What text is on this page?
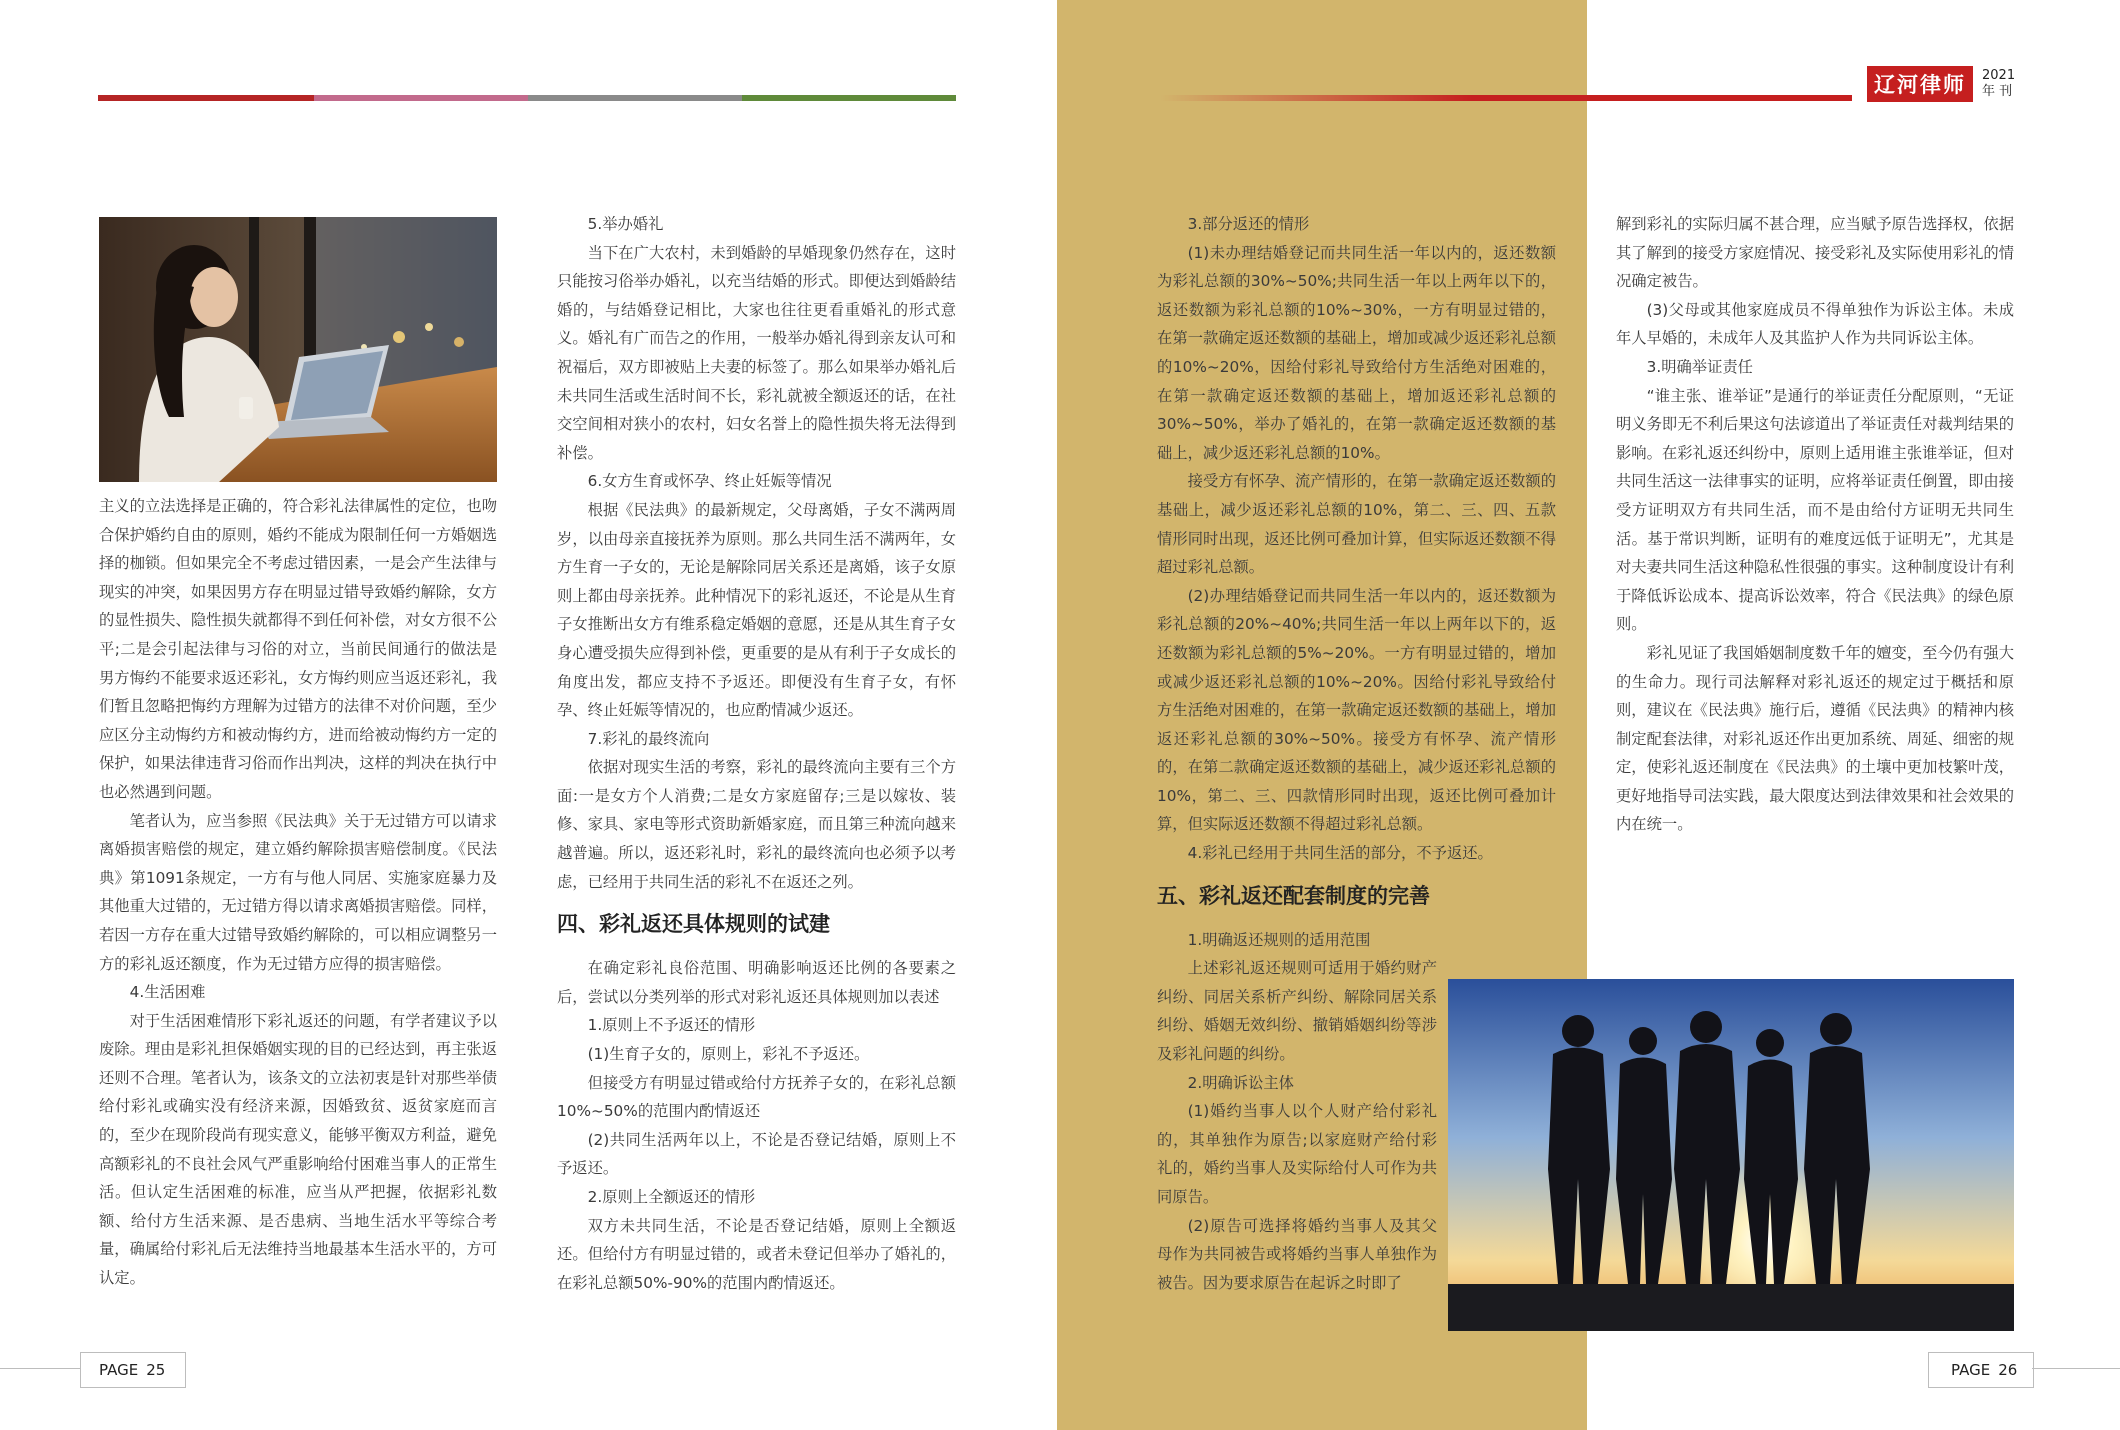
辽河律师	2021
年 刊

主义的立法选择是正确的，符合彩礼法律属性的定位，也吻合保护婚约自由的原则，婚约不能成为限制任何一方婚姻选择的枷锁。但如果完全不考虑过错因素，一是会产生法律与现实的冲突，如果因男方存在明显过错导致婚约解除，女方的显性损失、隐性损失就都得不到任何补偿，对女方很不公平;二是会引起法律与习俗的对立，当前民间通行的做法是男方悔约不能要求返还彩礼，女方悔约则应当返还彩礼，我们暂且忽略把悔约方理解为过错方的法律不对价问题，至少应区分主动悔约方和被动悔约方，进而给被动悔约方一定的保护，如果法律违背习俗而作出判决，这样的判决在执行中也必然遇到问题。

笔者认为，应当参照《民法典》关于无过错方可以请求离婚损害赔偿的规定，建立婚约解除损害赔偿制度。《民法典》第1091条规定，一方有与他人同居、实施家庭暴力及其他重大过错的，无过错方得以请求离婚损害赔偿。同样，若因一方存在重大过错导致婚约解除的，可以相应调整另一方的彩礼返还额度，作为无过错方应得的损害赔偿。

4.生活困难

对于生活困难情形下彩礼返还的问题，有学者建议予以废除。理由是彩礼担保婚姻实现的目的已经达到，再主张返还则不合理。笔者认为，该条文的立法初衷是针对那些举债给付彩礼或确实没有经济来源，因婚致贫、返贫家庭而言的，至少在现阶段尚有现实意义，能够平衡双方利益，避免高额彩礼的不良社会风气严重影响给付困难当事人的正常生活。但认定生活困难的标准，应当从严把握，依据彩礼数额、给付方生活来源、是否患病、当地生活水平等综合考量，确属给付彩礼后无法维持当地最基本生活水平的，方可认定。

5.举办婚礼

当下在广大农村，未到婚龄的早婚现象仍然存在，这时只能按习俗举办婚礼，以充当结婚的形式。即便达到婚龄结婚的，与结婚登记相比，大家也往往更看重婚礼的形式意义。婚礼有广而告之的作用，一般举办婚礼得到亲友认可和祝福后，双方即被贴上夫妻的标签了。那么如果举办婚礼后未共同生活或生活时间不长，彩礼就被全额返还的话，在社交空间相对狭小的农村，妇女名誉上的隐性损失将无法得到补偿。

6.女方生育或怀孕、终止妊娠等情况

根据《民法典》的最新规定，父母离婚，子女不满两周岁，以由母亲直接抚养为原则。那么共同生活不满两年，女方生育一子女的，无论是解除同居关系还是离婚，该子女原则上都由母亲抚养。此种情况下的彩礼返还，不论是从生育子女推断出女方有维系稳定婚姻的意愿，还是从其生育子女身心遭受损失应得到补偿，更重要的是从有利于子女成长的角度出发，都应支持不予返还。即便没有生育子女，有怀孕、终止妊娠等情况的，也应酌情减少返还。

7.彩礼的最终流向

依据对现实生活的考察，彩礼的最终流向主要有三个方面:一是女方个人消费;二是女方家庭留存;三是以嫁妆、装修、家具、家电等形式资助新婚家庭，而且第三种流向越来越普遍。所以，返还彩礼时，彩礼的最终流向也必须予以考虑，已经用于共同生活的彩礼不在返还之列。

四、彩礼返还具体规则的试建

在确定彩礼良俗范围、明确影响返还比例的各要素之后，尝试以分类列举的形式对彩礼返还具体规则加以表述

1.原则上不予返还的情形

(1)生育子女的，原则上，彩礼不予返还。

但接受方有明显过错或给付方抚养子女的，在彩礼总额10%~50%的范围内酌情返还

(2)共同生活两年以上，不论是否登记结婚，原则上不予返还。

2.原则上全额返还的情形

双方未共同生活，不论是否登记结婚，原则上全额返还。但给付方有明显过错的，或者未登记但举办了婚礼的，在彩礼总额50%-90%的范围内酌情返还。

3.部分返还的情形

(1)未办理结婚登记而共同生活一年以内的，返还数额为彩礼总额的30%~50%;共同生活一年以上两年以下的，返还数额为彩礼总额的10%~30%，一方有明显过错的，在第一款确定返还数额的基础上，增加或减少返还彩礼总额的10%~20%，因给付彩礼导致给付方生活绝对困难的，在第一款确定返还数额的基础上，增加返还彩礼总额的30%~50%，举办了婚礼的，在第一款确定返还数额的基础上，减少返还彩礼总额的10%。

接受方有怀孕、流产情形的，在第一款确定返还数额的基础上，减少返还彩礼总额的10%，第二、三、四、五款情形同时出现，返还比例可叠加计算，但实际返还数额不得超过彩礼总额。

(2)办理结婚登记而共同生活一年以内的，返还数额为彩礼总额的20%~40%;共同生活一年以上两年以下的，返还数额为彩礼总额的5%~20%。一方有明显过错的，增加或减少返还彩礼总额的10%~20%。因给付彩礼导致给付方生活绝对困难的，在第一款确定返还数额的基础上，增加返还彩礼总额的30%~50%。接受方有怀孕、流产情形的，在第二款确定返还数额的基础上，减少返还彩礼总额的10%，第二、三、四款情形同时出现，返还比例可叠加计算，但实际返还数额不得超过彩礼总额。

4.彩礼已经用于共同生活的部分，不予返还。

五、彩礼返还配套制度的完善

1.明确返还规则的适用范围

上述彩礼返还规则可适用于婚约财产纠纷、同居关系析产纠纷、解除同居关系纠纷、婚姻无效纠纷、撤销婚姻纠纷等涉及彩礼问题的纠纷。

2.明确诉讼主体

(1)婚约当事人以个人财产给付彩礼的，其单独作为原告;以家庭财产给付彩礼的，婚约当事人及实际给付人可作为共同原告。

(2)原告可选择将婚约当事人及其父母作为共同被告或将婚约当事人单独作为被告。因为要求原告在起诉之时即了

解到彩礼的实际归属不甚合理，应当赋予原告选择权，依据其了解到的接受方家庭情况、接受彩礼及实际使用彩礼的情况确定被告。

(3)父母或其他家庭成员不得单独作为诉讼主体。未成年人早婚的，未成年人及其监护人作为共同诉讼主体。

3.明确举证责任

“谁主张、谁举证”是通行的举证责任分配原则，“无证明义务即无不利后果这句法谚道出了举证责任对裁判结果的影响。在彩礼返还纠纷中，原则上适用谁主张谁举证，但对共同生活这一法律事实的证明，应将举证责任倒置，即由接受方证明双方有共同生活，而不是由给付方证明无共同生活。基于常识判断，证明有的难度远低于证明无”，尤其是对夫妻共同生活这种隐私性很强的事实。这种制度设计有利于降低诉讼成本、提高诉讼效率，符合《民法典》的绿色原则。

彩礼见证了我国婚姻制度数千年的嬗变，至今仍有强大的生命力。现行司法解释对彩礼返还的规定过于概括和原则，建议在《民法典》施行后，遵循《民法典》的精神内核制定配套法律，对彩礼返还作出更加系统、周延、细密的规定，使彩礼返还制度在《民法典》的土壤中更加枝繁叶茂，更好地指导司法实践，最大限度达到法律效果和社会效果的内在统一。

PAGE 25	PAGE 26
